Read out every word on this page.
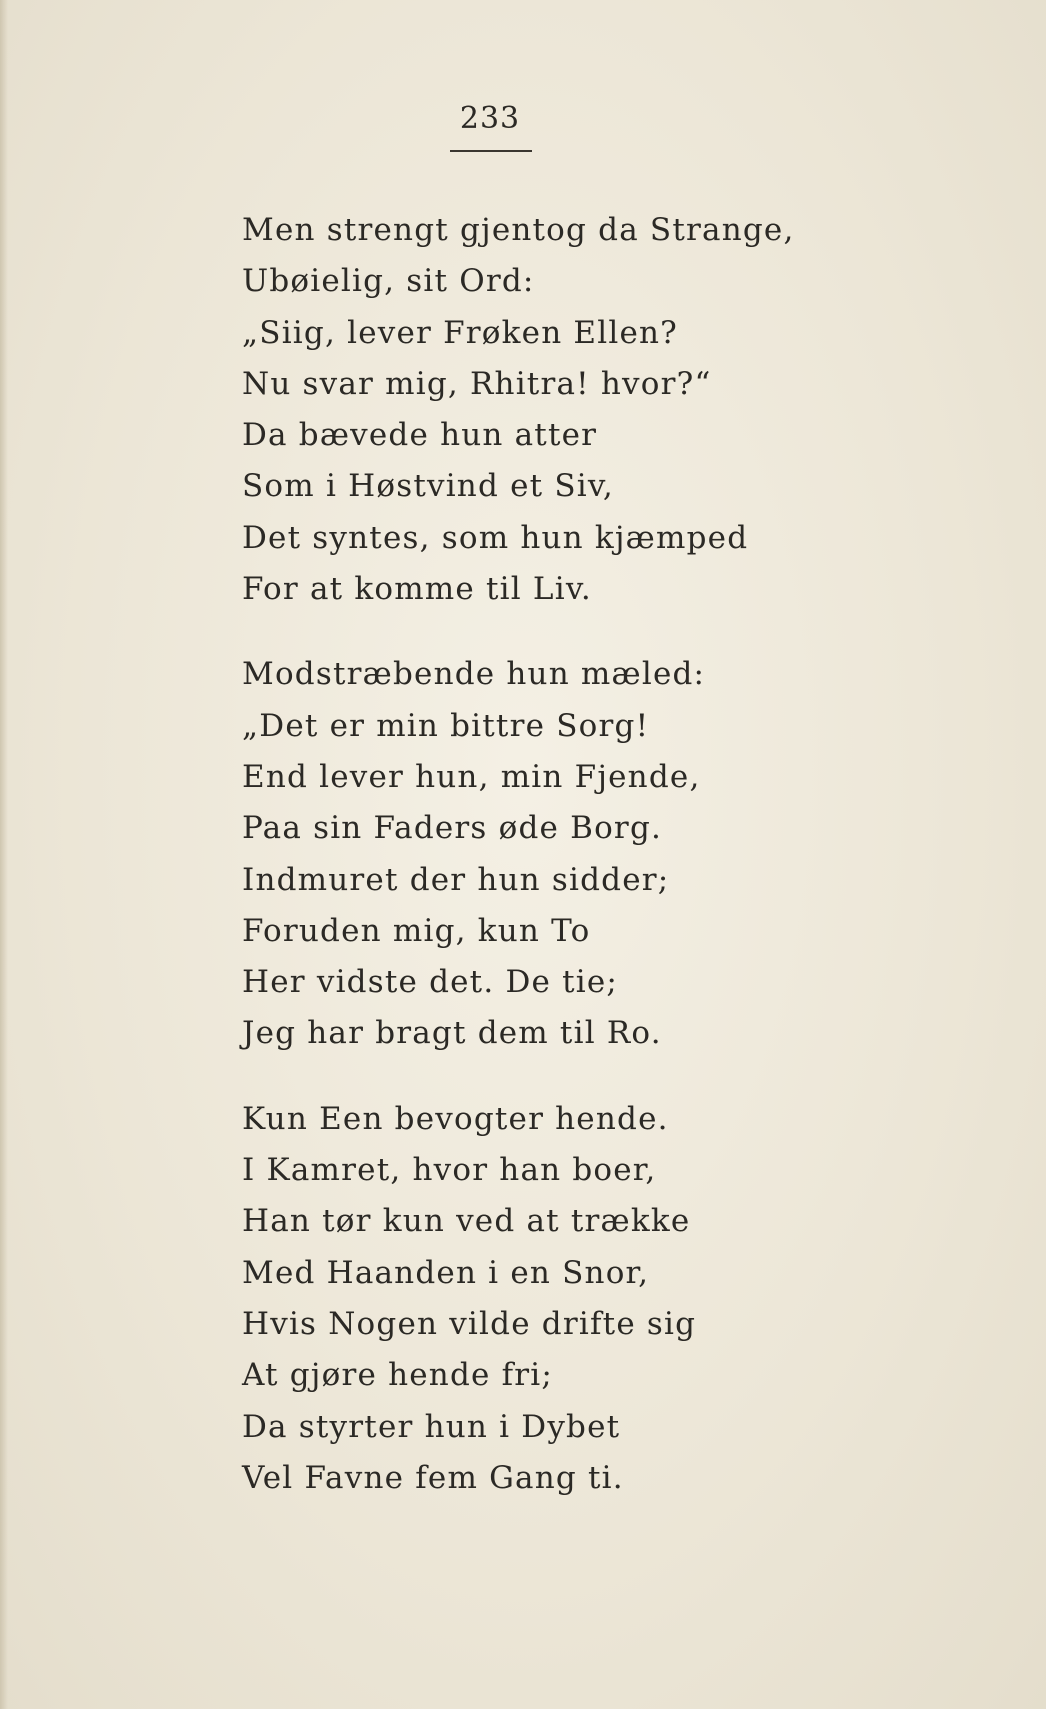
233
Men strengt gjentog da Strange,
Ubøielig, sit Ord:
„Siig, lever Frøken Ellen?
Nu svar mig, Rhitra! hvor?“
Da bævede hun atter
Som i Høstvind et Siv,
Det syntes, som hun kjæmped
For at komme til Liv.
Modstræbende hun mæled:
„Det er min bittre Sorg!
End lever hun, min Fjende,
Paa sin Faders øde Borg.
Indmuret der hun sidder;
Foruden mig, kun To
Her vidste det. De tie;
Jeg har bragt dem til Ro.
Kun Een bevogter hende.
I Kamret, hvor han boer,
Han tør kun ved at trække
Med Haanden i en Snor,
Hvis Nogen vilde drifte sig
At gjøre hende fri;
Da styrter hun i Dybet
Vel Favne fem Gang ti.
